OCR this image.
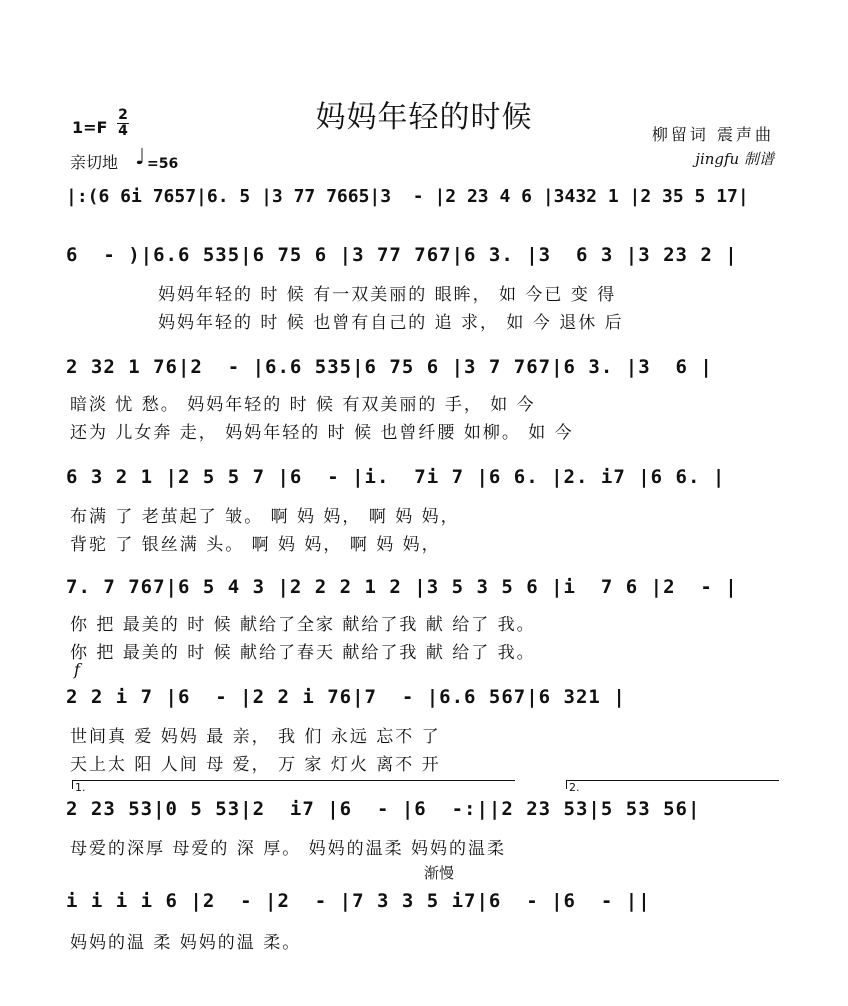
妈妈年轻的时候
1=F
2
4
亲切地 ♩ =56
柳留词 震声曲
jingfu 制谱
|:(6 6i 7657|6. 5 |3 77 7665|3  - |2 23 4 6 |3432 1 |2 35 5 17|
6  - )|6.6 535|6 75 6 |3 77 767|6 3. |3  6 3 |3 23 2 |
妈妈年轻的 时 候 有一双美丽的 眼眸， 如 今已 变 得
妈妈年轻的 时 候 也曾有自己的 追 求， 如 今 退休 后
2 32 1 76|2  - |6.6 535|6 75 6 |3 7 767|6 3. |3  6 |
暗淡 忧 愁。 妈妈年轻的 时 候 有双美丽的 手， 如 今
还为 儿女奔 走， 妈妈年轻的 时 候 也曾纤腰 如柳。 如 今
6 3 2 1 |2 5 5 7 |6  - |i.  7i 7 |6 6. |2. i7 |6 6. |
布满 了 老茧起了 皱。 啊 妈 妈， 啊 妈 妈，
背驼 了 银丝满 头。 啊 妈 妈， 啊 妈 妈，
7. 7 767|6 5 4 3 |2 2 2 1 2 |3 5 3 5 6 |i  7 6 |2  - |
你 把 最美的 时 候 献给了全家 献给了我 献 给了 我。
你 把 最美的 时 候 献给了春天 献给了我 献 给了 我。
f
2 2 i 7 |6  - |2 2 i 76|7  - |6.6 567|6 321 |
世间真 爱 妈妈 最 亲， 我 们 永远 忘不 了
天上太 阳 人间 母 爱， 万 家 灯火 离不 开
1.	2.
2 23 53|0 5 53|2  i7 |6  - |6  -:||2 23 53|5 53 56|
母爱的深厚 母爱的 深 厚。 妈妈的温柔 妈妈的温柔
渐慢
i i i i 6 |2  - |2  - |7 3 3 5 i7|6  - |6  - ||
妈妈的温 柔 妈妈的温 柔。
